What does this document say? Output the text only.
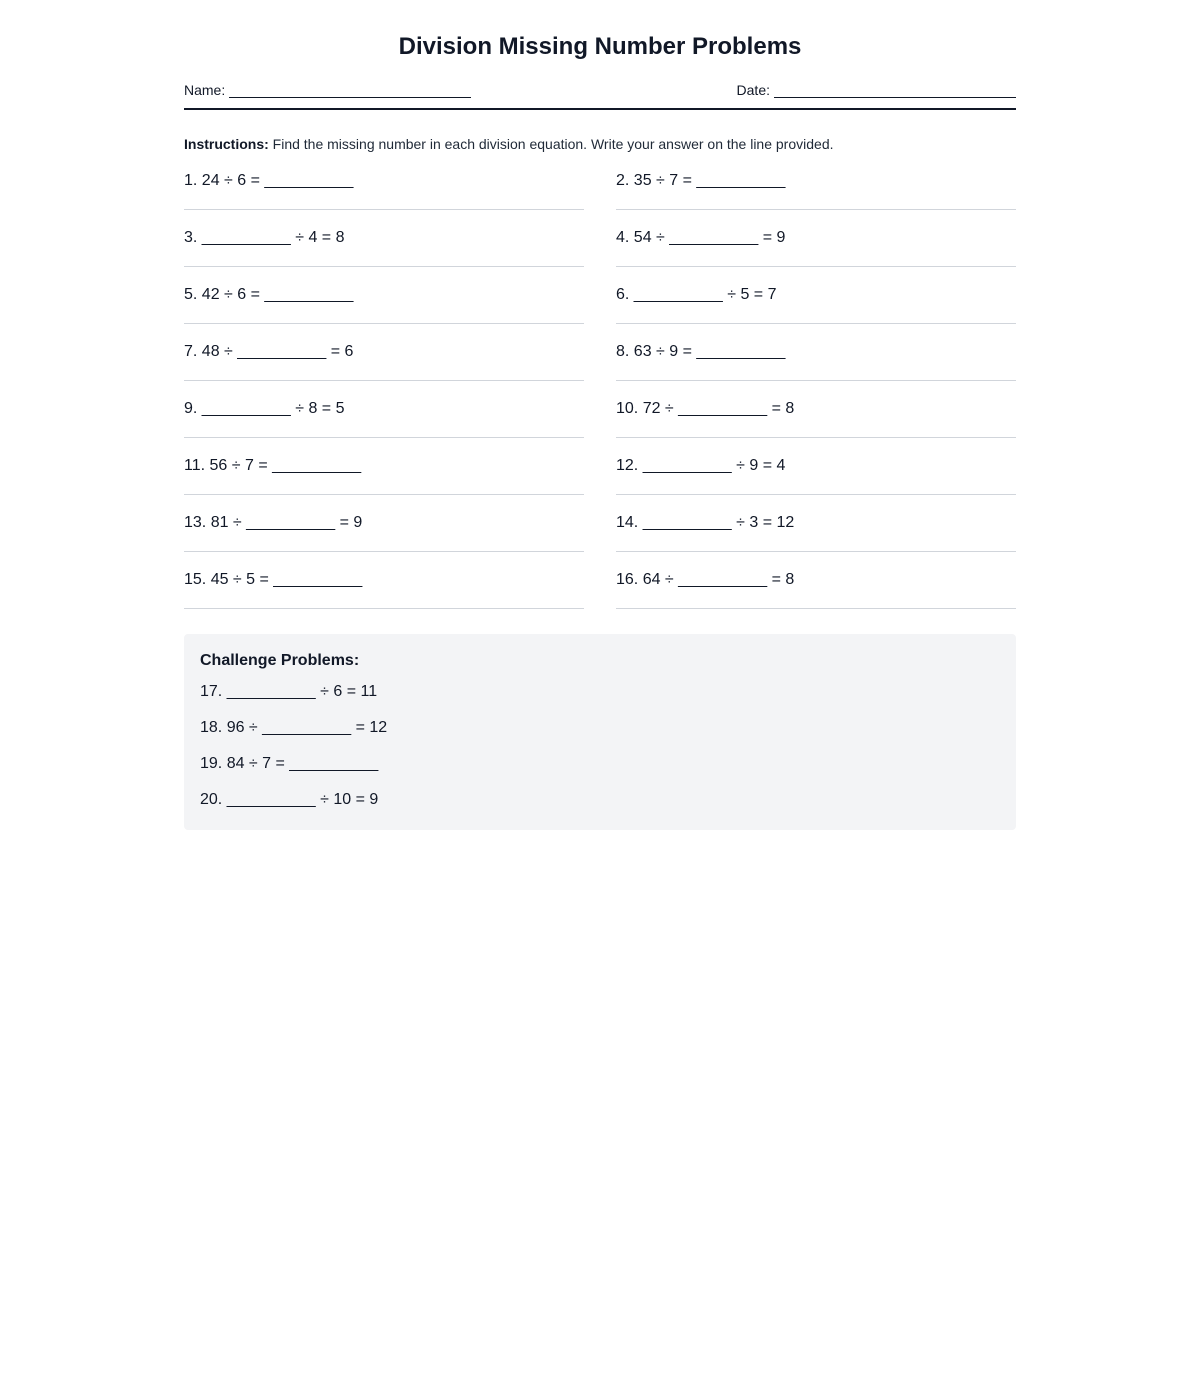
Division Missing Number Problems
Name:	Date:
Instructions: Find the missing number in each division equation. Write your answer on the line provided.
1. 24 ÷ 6 = __________	2. 35 ÷ 7 = __________
3. __________ ÷ 4 = 8	4. 54 ÷ __________ = 9
5. 42 ÷ 6 = __________	6. __________ ÷ 5 = 7
7. 48 ÷ __________ = 6	8. 63 ÷ 9 = __________
9. __________ ÷ 8 = 5	10. 72 ÷ __________ = 8
11. 56 ÷ 7 = __________	12. __________ ÷ 9 = 4
13. 81 ÷ __________ = 9	14. __________ ÷ 3 = 12
15. 45 ÷ 5 = __________	16. 64 ÷ __________ = 8
Challenge Problems:
17. __________ ÷ 6 = 11
18. 96 ÷ __________ = 12
19. 84 ÷ 7 = __________
20. __________ ÷ 10 = 9
